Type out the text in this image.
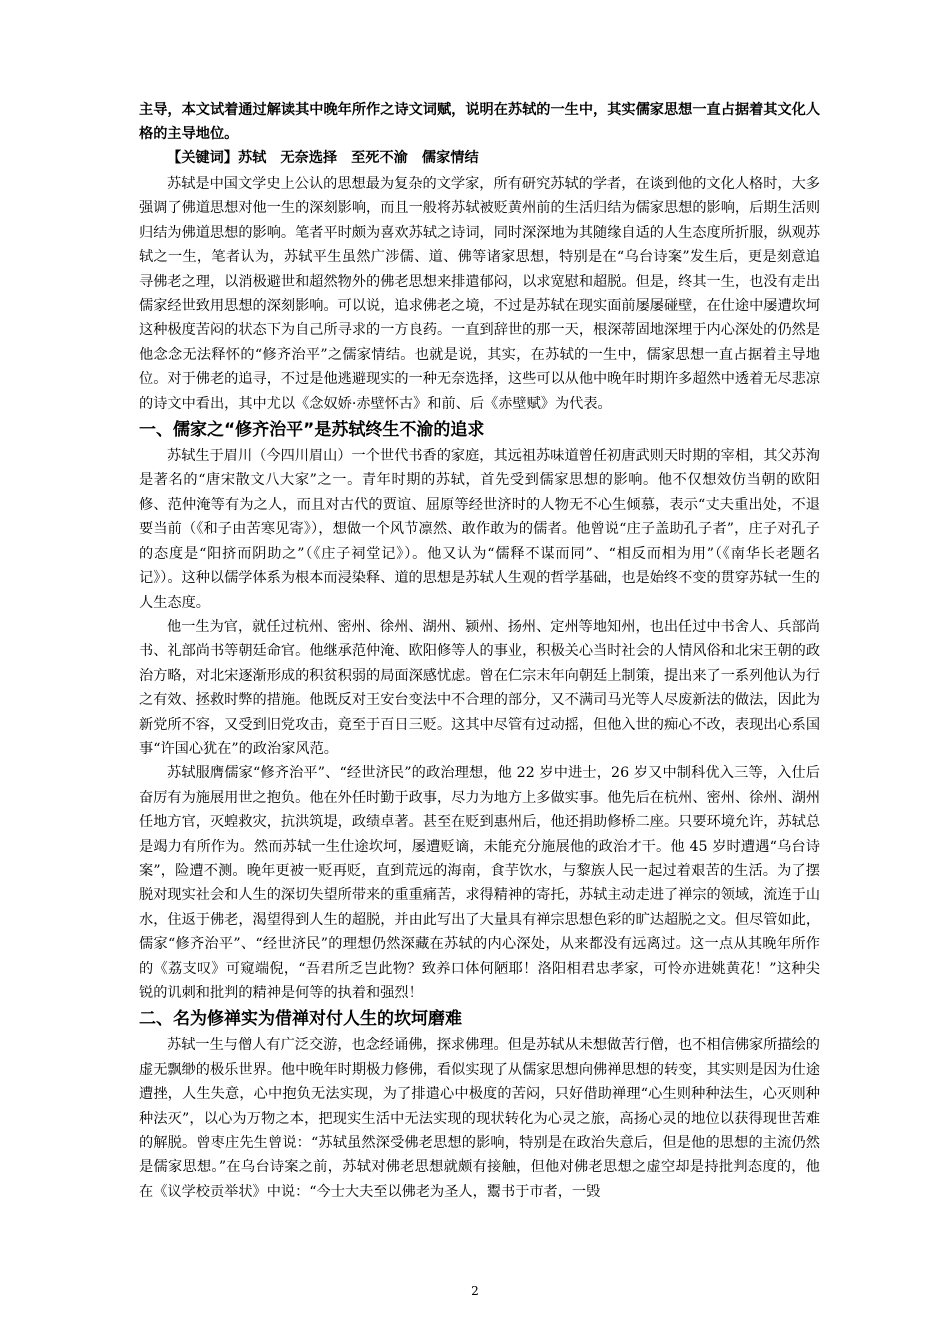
主导，本文试着通过解读其中晚年所作之诗文词赋，说明在苏轼的一生中，其实儒家思想一直占据着其文化人格的主导地位。

【关键词】苏轼 无奈选择 至死不渝 儒家情结

苏轼是中国文学史上公认的思想最为复杂的文学家，所有研究苏轼的学者，在谈到他的文化人格时，大多强调了佛道思想对他一生的深刻影响，而且一般将苏轼被贬黄州前的生活归结为儒家思想的影响，后期生活则归结为佛道思想的影响。笔者平时颇为喜欢苏轼之诗词，同时深深地为其随缘自适的人生态度所折服，纵观苏轼之一生，笔者认为，苏轼平生虽然广涉儒、道、佛等诸家思想，特别是在“乌台诗案”发生后，更是刻意追寻佛老之理，以消极避世和超然物外的佛老思想来排遣郁闷，以求宽慰和超脱。但是，终其一生，也没有走出儒家经世致用思想的深刻影响。可以说，追求佛老之境，不过是苏轼在现实面前屡屡碰壁，在仕途中屡遭坎坷这种极度苦闷的状态下为自己所寻求的一方良药。一直到辞世的那一天，根深蒂固地深埋于内心深处的仍然是他念念无法释怀的“修齐治平”之儒家情结。也就是说，其实，在苏轼的一生中，儒家思想一直占据着主导地位。对于佛老的追寻，不过是他逃避现实的一种无奈选择，这些可以从他中晚年时期许多超然中透着无尽悲凉的诗文中看出，其中尤以《念奴娇·赤壁怀古》和前、后《赤壁赋》为代表。

一、儒家之“修齐治平”是苏轼终生不渝的追求

苏轼生于眉川（今四川眉山）一个世代书香的家庭，其远祖苏味道曾任初唐武则天时期的宰相，其父苏洵是著名的“唐宋散文八大家”之一。青年时期的苏轼，首先受到儒家思想的影响。他不仅想效仿当朝的欧阳修、范仲淹等有为之人，而且对古代的贾谊、屈原等经世济时的人物无不心生倾慕，表示“丈夫重出处，不退要当前（《和子由苦寒见寄》），想做一个风节凛然、敢作敢为的儒者。他曾说“庄子盖助孔子者”，庄子对孔子的态度是“阳挤而阴助之”（《庄子祠堂记》）。他又认为“儒释不谋而同”、“相反而相为用”（《南华长老题名记》）。这种以儒学体系为根本而浸染释、道的思想是苏轼人生观的哲学基础，也是始终不变的贯穿苏轼一生的人生态度。

他一生为官，就任过杭州、密州、徐州、湖州、颍州、扬州、定州等地知州，也出任过中书舍人、兵部尚书、礼部尚书等朝廷命官。他继承范仲淹、欧阳修等人的事业，积极关心当时社会的人情风俗和北宋王朝的政治方略，对北宋逐渐形成的积贫积弱的局面深感忧虑。曾在仁宗末年向朝廷上制策，提出来了一系列他认为行之有效、拯救时弊的措施。他既反对王安台变法中不合理的部分，又不满司马光等人尽废新法的做法，因此为新党所不容，又受到旧党攻击，竟至于百日三贬。这其中尽管有过动摇，但他入世的痴心不改，表现出心系国事“许国心犹在”的政治家风范。

苏轼服膺儒家“修齐治平”、“经世济民”的政治理想，他 22 岁中进士，26 岁又中制科优入三等，入仕后奋厉有为施展用世之抱负。他在外任时勤于政事，尽力为地方上多做实事。他先后在杭州、密州、徐州、湖州任地方官，灭蝗救灾，抗洪筑堤，政绩卓著。甚至在贬到惠州后，他还捐助修桥二座。只要环境允许，苏轼总是竭力有所作为。然而苏轼一生仕途坎坷，屡遭贬谪，未能充分施展他的政治才干。他 45 岁时遭遇“乌台诗案”，险遭不测。晚年更被一贬再贬，直到荒远的海南，食芋饮水，与黎族人民一起过着艰苦的生活。为了摆脱对现实社会和人生的深切失望所带来的重重痛苦，求得精神的寄托，苏轼主动走进了禅宗的领域，流连于山水，住返于佛老，渴望得到人生的超脱，并由此写出了大量具有禅宗思想色彩的旷达超脱之文。但尽管如此，儒家“修齐治平”、“经世济民”的理想仍然深藏在苏轼的内心深处，从来都没有远离过。这一点从其晚年所作的《荔支叹》可窥端倪，“吾君所乏岂此物？致养口体何陋耶！洛阳相君忠孝家，可怜亦进姚黄花！”这种尖锐的讥刺和批判的精神是何等的执着和强烈！

二、名为修禅实为借禅对付人生的坎坷磨难

苏轼一生与僧人有广泛交游，也念经诵佛，探求佛理。但是苏轼从未想做苦行僧，也不相信佛家所描绘的虚无飘缈的极乐世界。他中晚年时期极力修佛，看似实现了从儒家思想向佛禅思想的转变，其实则是因为仕途遭挫，人生失意，心中抱负无法实现，为了排遣心中极度的苦闷，只好借助禅理“心生则种种法生，心灭则种种法灭”，以心为万物之本，把现实生活中无法实现的现状转化为心灵之旅，高扬心灵的地位以获得现世苦难的解脱。曾枣庄先生曾说：“苏轼虽然深受佛老思想的影响，特别是在政治失意后，但是他的思想的主流仍然是儒家思想。”在乌台诗案之前，苏轼对佛老思想就颇有接触，但他对佛老思想之虚空却是持批判态度的，他在《议学校贡举状》中说：“今士大夫至以佛老为圣人，鬻书于市者，一毁

2
